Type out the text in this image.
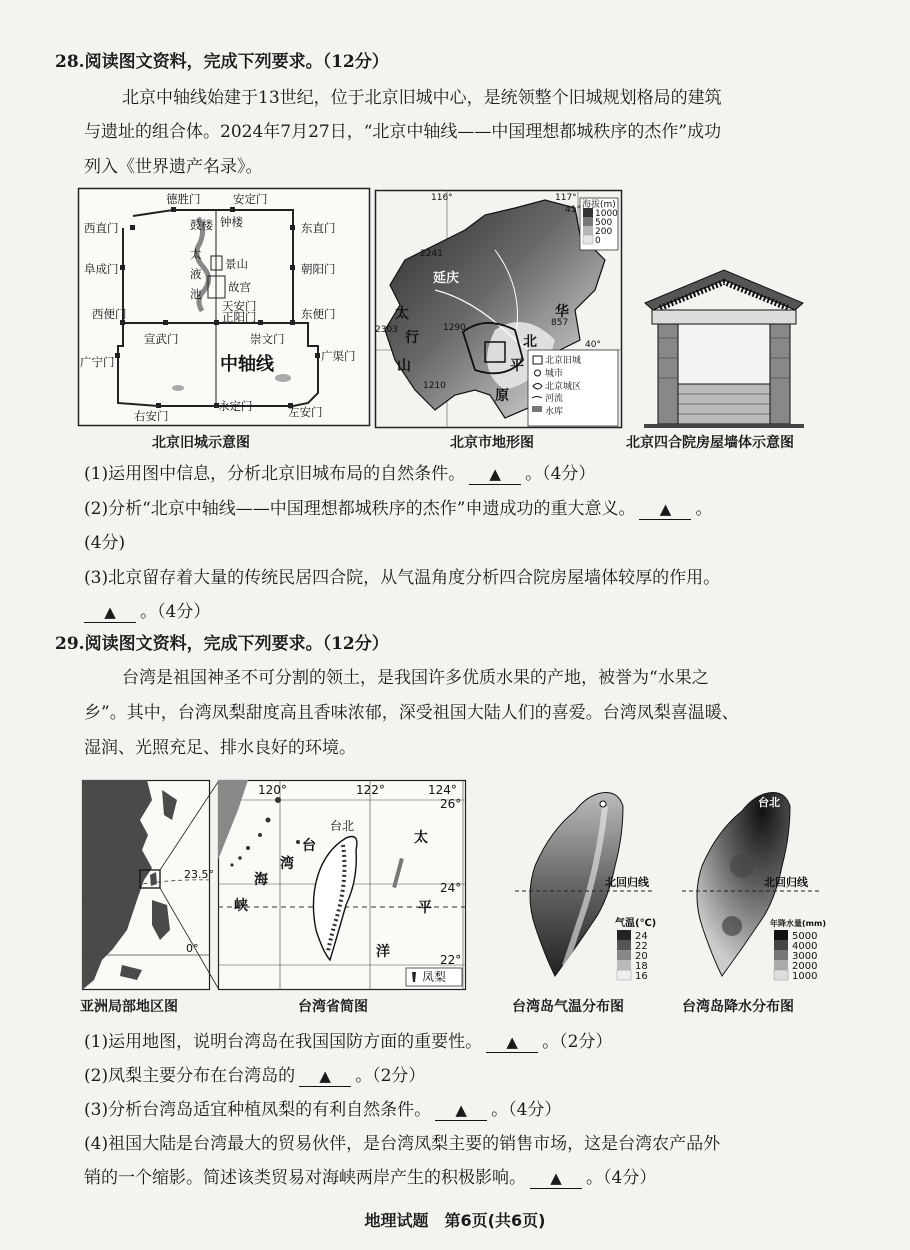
28.阅读图文资料，完成下列要求。（12分）
北京中轴线始建于13世纪，位于北京旧城中心，是统领整个旧城规划格局的建筑
与遗址的组合体。2024年7月27日，“北京中轴线——中国理想都城秩序的杰作”成功
列入《世界遗产名录》。
德胜门	安定门
西直门	东直门
阜成门	朝阳门
西便门	东便门
宣武门	崇文门
广宁门	广渠门
右安门
永定门	左安门
鼓楼 钟楼
太
液
池
景山
故宫
天安门
正阳门
中轴线
北京旧城示意图
116°	117°
41°
40°
2241
2303	1290
1210
857
海拔(m)
1000
500
200
0
北京旧城
城市
北京城区
河流
水库
延庆
太
行
山
华
北
平
原
北京市地形图	北京四合院房屋墙体示意图
(1)运用图中信息，分析北京旧城布局的自然条件。 ▲ 。（4分）
(2)分析“北京中轴线——中国理想都城秩序的杰作”申遗成功的重大意义。 ▲ 。
(4分)
(3)北京留存着大量的传统民居四合院，从气温角度分析四合院房屋墙体较厚的作用。
▲ 。（4分）
29.阅读图文资料，完成下列要求。（12分）
台湾是祖国神圣不可分割的领土，是我国许多优质水果的产地，被誉为“水果之
乡”。其中，台湾凤梨甜度高且香味浓郁，深受祖国大陆人们的喜爱。台湾凤梨喜温暖、
湿润、光照充足、排水良好的环境。
23.5°
0°
亚洲局部地区图
120°	122°	124°
26°
24°
22°
台北
台
湾
海
峡
太
平
洋
凤梨
台湾省简图
北回归线
气温(℃)
24
22
20
18
16
台湾岛气温分布图
台北
北回归线
年降水量(mm)
5000
4000
3000
2000
1000
台湾岛降水分布图
(1)运用地图，说明台湾岛在我国国防方面的重要性。 ▲ 。（2分）
(2)凤梨主要分布在台湾岛的 ▲ 。（2分）
(3)分析台湾岛适宜种植凤梨的有利自然条件。 ▲ 。（4分）
(4)祖国大陆是台湾最大的贸易伙伴，是台湾凤梨主要的销售市场，这是台湾农产品外
销的一个缩影。简述该类贸易对海峡两岸产生的积极影响。 ▲ 。（4分）
地理试题　第6页(共6页)
